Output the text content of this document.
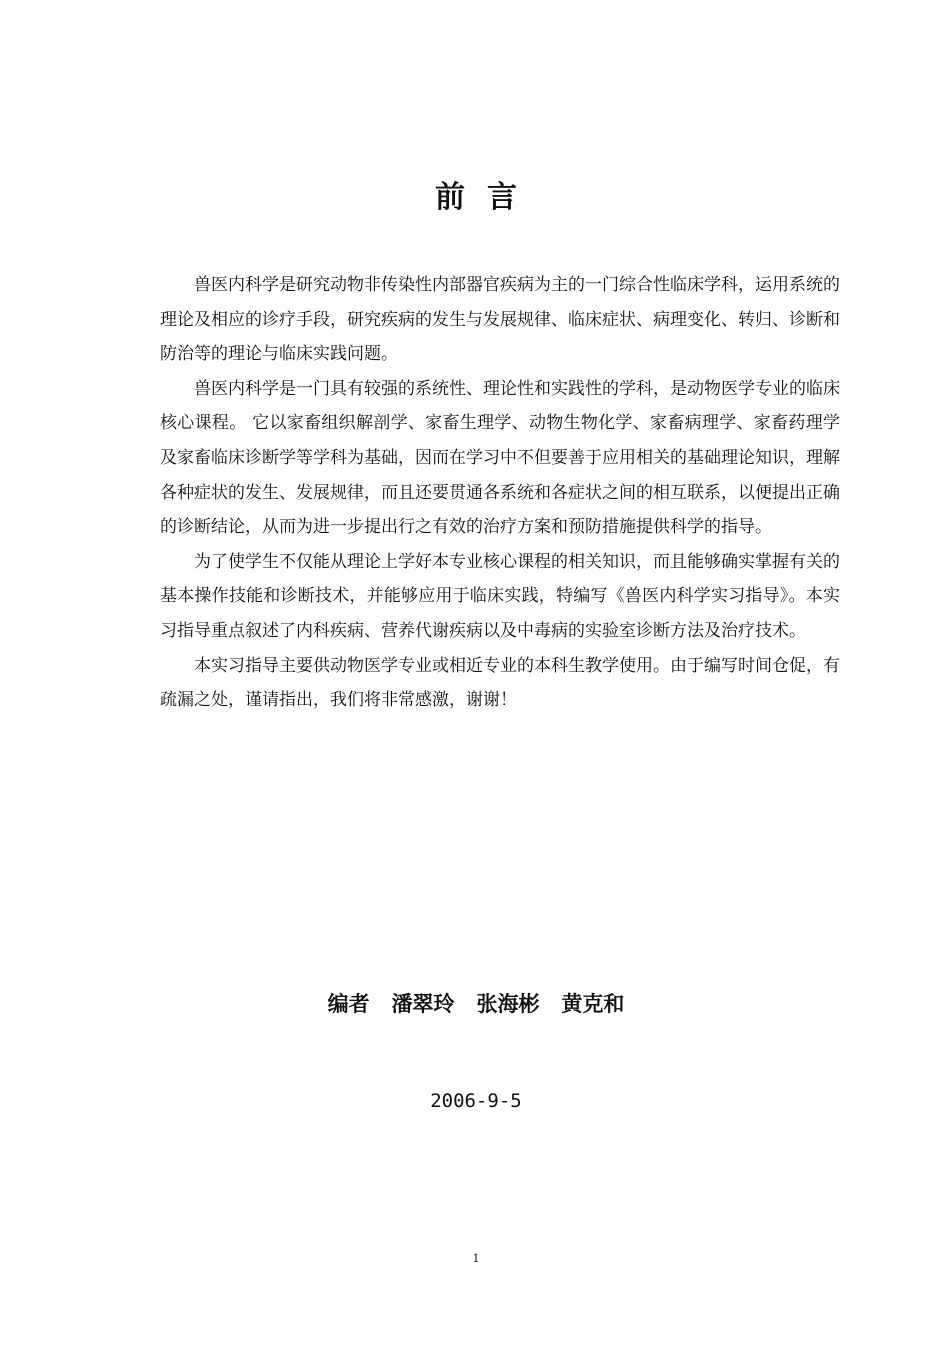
前 言

兽医内科学是研究动物非传染性内部器官疾病为主的一门综合性临床学科，运用系统的理论及相应的诊疗手段，研究疾病的发生与发展规律、临床症状、病理变化、转归、诊断和防治等的理论与临床实践问题。

兽医内科学是一门具有较强的系统性、理论性和实践性的学科，是动物医学专业的临床核心课程。 它以家畜组织解剖学、家畜生理学、动物生物化学、家畜病理学、家畜药理学及家畜临床诊断学等学科为基础，因而在学习中不但要善于应用相关的基础理论知识，理解各种症状的发生、发展规律，而且还要贯通各系统和各症状之间的相互联系，以便提出正确的诊断结论，从而为进一步提出行之有效的治疗方案和预防措施提供科学的指导。

为了使学生不仅能从理论上学好本专业核心课程的相关知识，而且能够确实掌握有关的基本操作技能和诊断技术，并能够应用于临床实践，特编写《兽医内科学实习指导》。本实习指导重点叙述了内科疾病、营养代谢疾病以及中毒病的实验室诊断方法及治疗技术。

本实习指导主要供动物医学专业或相近专业的本科生教学使用。由于编写时间仓促，有疏漏之处，谨请指出，我们将非常感激，谢谢！

编者   潘翠玲   张海彬   黄克和

2006-9-5

1
